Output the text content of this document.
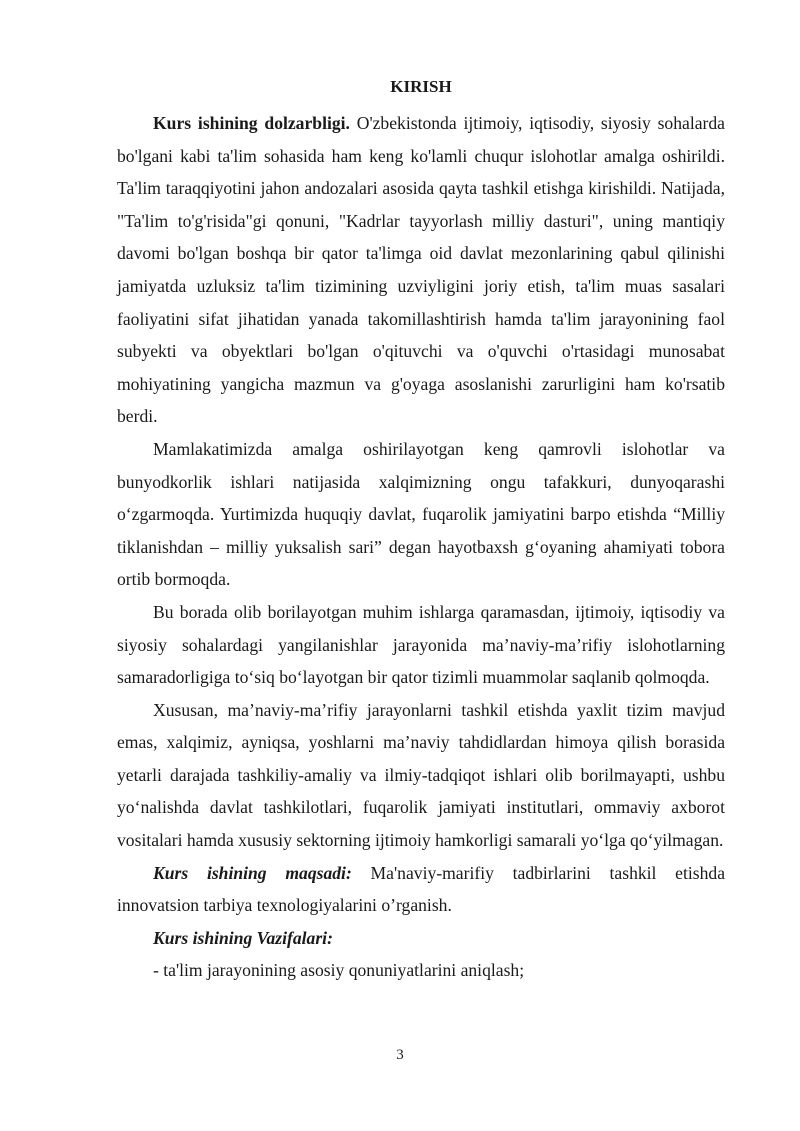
KIRISH

Kurs ishining dolzarbligi. O'zbekistonda ijtimoiy, iqtisodiy, siyosiy sohalarda bo'lgani kabi ta'lim sohasida ham keng ko'lamli chuqur islohotlar amalga oshirildi. Ta'lim taraqqiyotini jahon andozalari asosida qayta tashkil etishga kirishildi. Natijada, "Ta'lim to'g'risida"gi qonuni, "Kadrlar tayyorlash milliy dasturi", uning mantiqiy davomi bo'lgan boshqa bir qator ta'limga oid davlat mezonlarining qabul qilinishi jamiyatda uzluksiz ta'lim tizimining uzviyligini joriy etish, ta'lim muas sasalari faoliyatini sifat jihatidan yanada takomillashtirish hamda ta'lim jarayonining faol subyekti va obyektlari bo'lgan o'qituvchi va o'quvchi o'rtasidagi munosabat mohiyatining yangicha mazmun va g'oyaga asoslanishi zarurligini ham ko'rsatib berdi.

Mamlakatimizda amalga oshirilayotgan keng qamrovli islohotlar va bunyodkorlik ishlari natijasida xalqimizning ongu tafakkuri, dunyoqarashi o‘zgarmoqda. Yurtimizda huquqiy davlat, fuqarolik jamiyatini barpo etishda “Milliy tiklanishdan – milliy yuksalish sari” degan hayotbaxsh g‘oyaning ahamiyati tobora ortib bormoqda.

Bu borada olib borilayotgan muhim ishlarga qaramasdan, ijtimoiy, iqtisodiy va siyosiy sohalardagi yangilanishlar jarayonida ma’naviy-ma’rifiy islohotlarning samaradorligiga to‘siq bo‘layotgan bir qator tizimli muammolar saqlanib qolmoqda.

Xususan, ma’naviy-ma’rifiy jarayonlarni tashkil etishda yaxlit tizim mavjud emas, xalqimiz, ayniqsa, yoshlarni ma’naviy tahdidlardan himoya qilish borasida yetarli darajada tashkiliy-amaliy va ilmiy-tadqiqot ishlari olib borilmayapti, ushbu yo‘nalishda davlat tashkilotlari, fuqarolik jamiyati institutlari, ommaviy axborot vositalari hamda xususiy sektorning ijtimoiy hamkorligi samarali yo‘lga qo‘yilmagan.

Kurs ishining maqsadi: Ma'naviy-marifiy tadbirlarini tashkil etishda innovatsion tarbiya texnologiyalarini o’rganish.

Kurs ishining Vazifalari:

- ta'lim jarayonining asosiy qonuniyatlarini aniqlash;

3
